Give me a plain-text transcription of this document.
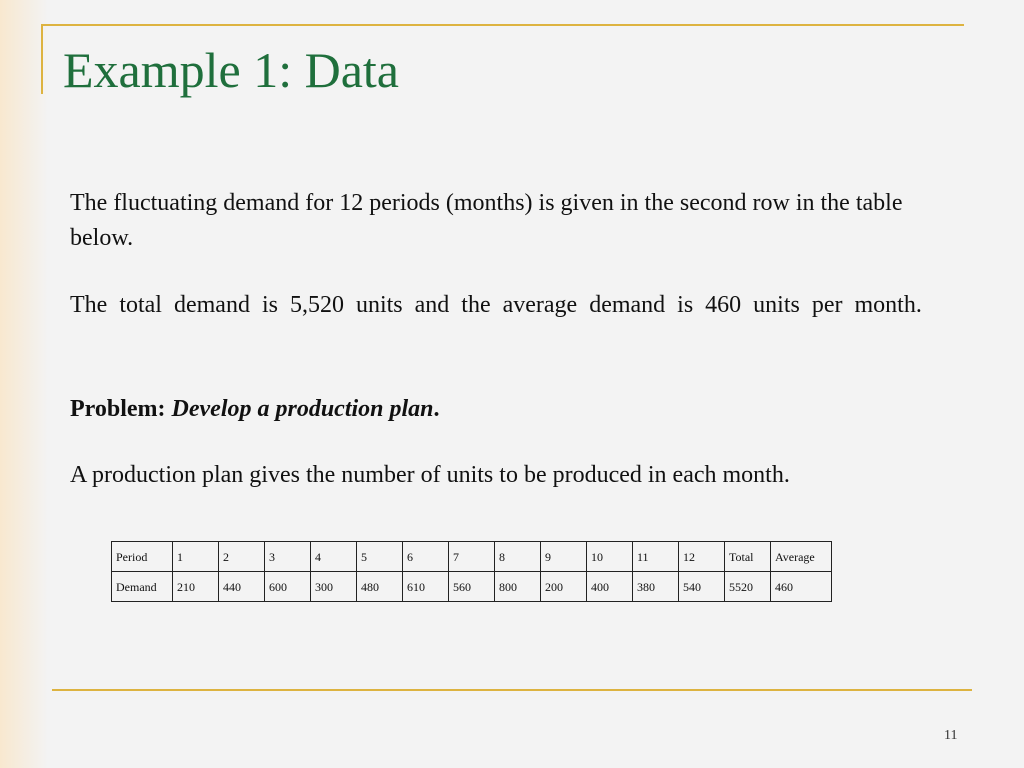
Example 1: Data

The fluctuating demand for 12 periods (months) is given in the second row in the table below.

The total demand is 5,520 units and the average demand is 460 units per month.

Problem: Develop a production plan.

A production plan gives the number of units to be produced in each month.

Period	1	2	3	4	5	6	7	8	9	10	11	12	Total	Average
Demand	210	440	600	300	480	610	560	800	200	400	380	540	5520	460
11
